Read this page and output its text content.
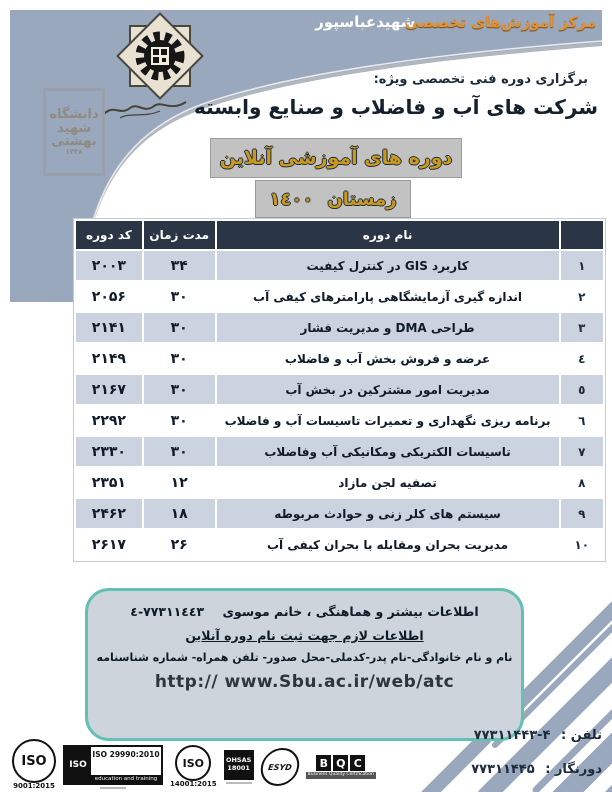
مرکز آموزش‌های تخصصی شهیدعباسپور
دانشگاه
شهید
بهشتی
۱۳۳۸
برگزاری دوره فنی تخصصی ویژه:
شرکت های آب و فاضلاب و صنایع وابسته
دوره های آموزشی آنلاین
زمستان
١٤٠٠
	نام دوره	مدت زمان	کد دوره
١	کاربرد GIS در کنترل کیفیت	۳۴	۲۰۰۳
٢	اندازه گیری آزمایشگاهی پارامترهای کیفی آب	۳۰	۲۰۵۶
٣	طراحی DMA و مدیریت فشار	۳۰	۲۱۴۱
٤	عرضه و فروش بخش آب و فاضلاب	۳۰	۲۱۴۹
٥	مدیریت امور مشترکین در بخش آب	۳۰	۲۱۶۷
٦	برنامه ریزی نگهداری و تعمیرات تاسیسات آب و فاضلاب	۳۰	۲۲۹۲
٧	تاسیسات الکتریکی ومکانیکی آب وفاضلاب	۳۰	۲۳۳۰
٨	تصفیه لجن مازاد	۱۲	۲۳۵۱
٩	سیستم های کلر زنی و حوادث مربوطه	۱۸	۲۴۶۲
١٠	مدیریت بحران ومقابله با بحران کیفی آب	۲۶	۲۶۱۷
اطلاعات بیشتر و هماهنگی ، خانم موسوی ٧٧٣١١٤٤٣-٤
اطلاعات لازم جهت ثبت نام دوره آنلاین
نام و نام خانوادگی-نام پدر-کدملی-محل صدور- تلفن همراه- شماره شناسنامه
http:// www.Sbu.ac.ir/web/atc
تلفن : ۷۷۳۱۱۴۴۳-۴
دورنگار : ۷۷۳۱۱۴۴۵
ISO
9001:2015
ISO
ISO 29990:2010
education and training
ISO
14001:2015
OHSAS
18001	ESYD	B Q C
Business Quality Certification
